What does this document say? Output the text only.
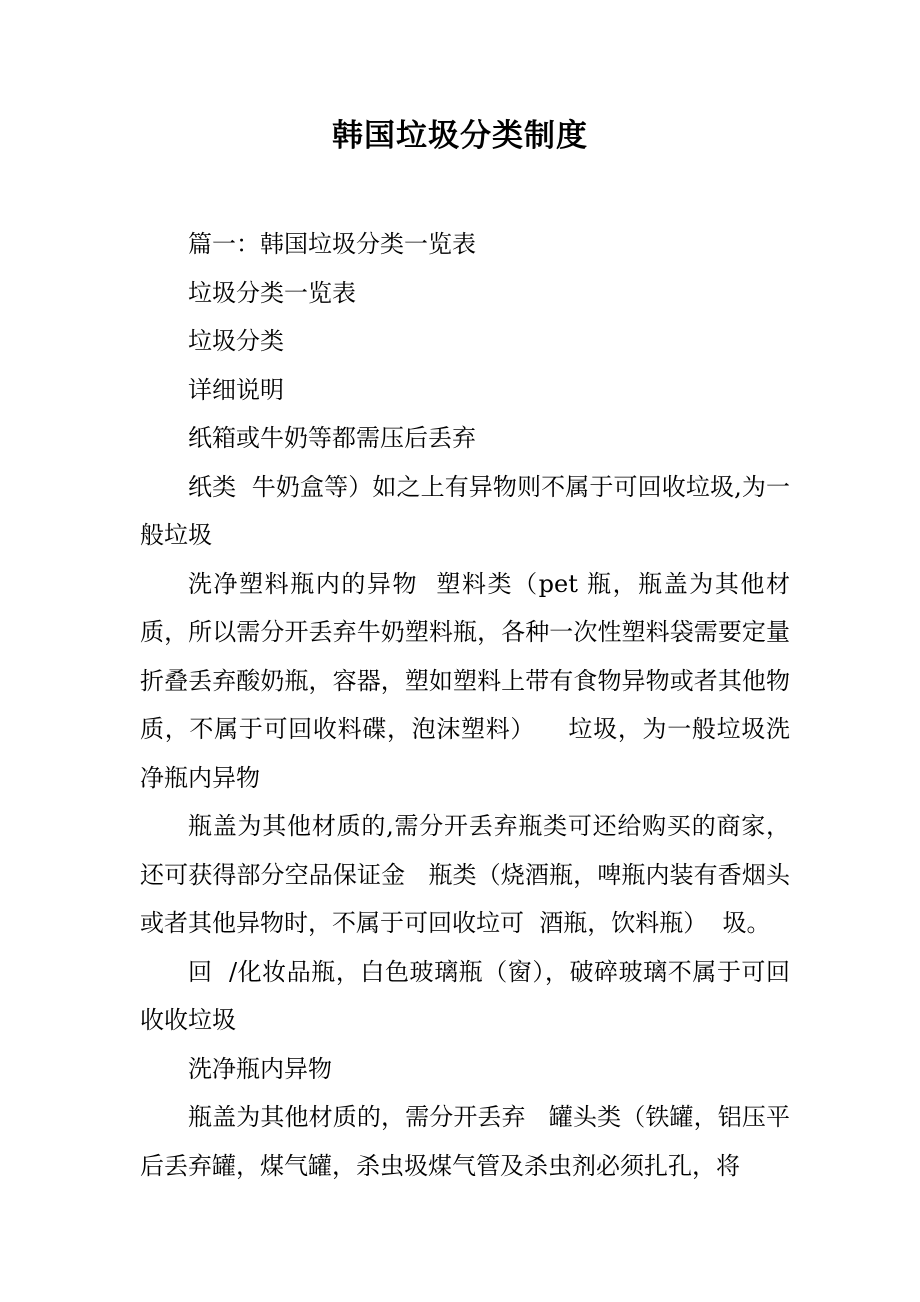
韩国垃圾分类制度

篇一：韩国垃圾分类一览表

垃圾分类一览表

垃圾分类

详细说明

纸箱或牛奶等都需压后丢弃

纸类  牛奶盒等）如之上有异物则不属于可回收垃圾,为一般垃圾

洗净塑料瓶内的异物  塑料类（pet 瓶，瓶盖为其他材质，所以需分开丢弃牛奶塑料瓶，各种一次性塑料袋需要定量折叠丢弃酸奶瓶，容器，塑如塑料上带有食物异物或者其他物质，不属于可回收料碟，泡沫塑料）    垃圾，为一般垃圾洗净瓶内异物

瓶盖为其他材质的,需分开丢弃瓶类可还给购买的商家，还可获得部分空品保证金   瓶类（烧酒瓶，啤瓶内装有香烟头或者其他异物时，不属于可回收垃可  酒瓶，饮料瓶）  圾。

回  /化妆品瓶，白色玻璃瓶（窗），破碎玻璃不属于可回收收垃圾

洗净瓶内异物

瓶盖为其他材质的，需分开丢弃   罐头类（铁罐，铝压平后丢弃罐，煤气罐，杀虫圾煤气管及杀虫剂必须扎孔，将
